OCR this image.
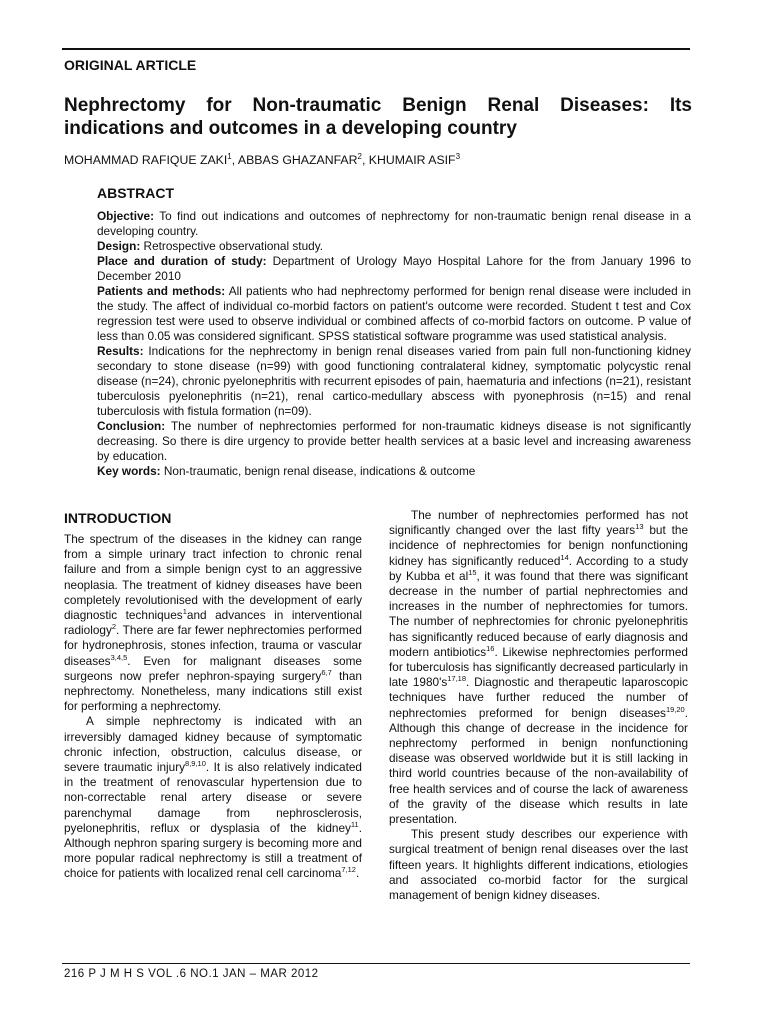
ORIGINAL ARTICLE
Nephrectomy for Non-traumatic Benign Renal Diseases: Its indications and outcomes in a developing country

MOHAMMAD RAFIQUE ZAKI$^1$, ABBAS GHAZANFAR$^2$, KHUMAIR ASIF$^3$

ABSTRACT

Objective: To find out indications and outcomes of nephrectomy for non-traumatic benign renal disease in a developing country.

Design: Retrospective observational study.

Place and duration of study: Department of Urology Mayo Hospital Lahore for the from January 1996 to December 2010

Patients and methods: All patients who had nephrectomy performed for benign renal disease were included in the study. The affect of individual co-morbid factors on patient's outcome were recorded. Student t test and Cox regression test were used to observe individual or combined affects of co-morbid factors on outcome. P value of less than 0.05 was considered significant. SPSS statistical software programme was used statistical analysis.

Results: Indications for the nephrectomy in benign renal diseases varied from pain full non-functioning kidney secondary to stone disease (n=99) with good functioning contralateral kidney, symptomatic polycystic renal disease (n=24), chronic pyelonephritis with recurrent episodes of pain, haematuria and infections (n=21), resistant tuberculosis pyelonephritis (n=21), renal cartico-medullary abscess with pyonephrosis (n=15) and renal tuberculosis with fistula formation (n=09).

Conclusion: The number of nephrectomies performed for non-traumatic kidneys disease is not significantly decreasing. So there is dire urgency to provide better health services at a basic level and increasing awareness by education.

Key words: Non-traumatic, benign renal disease, indications & outcome

INTRODUCTION

The spectrum of the diseases in the kidney can range from a simple urinary tract infection to chronic renal failure and from a simple benign cyst to an aggressive neoplasia. The treatment of kidney diseases have been completely revolutionised with the development of early diagnostic techniques$^1$and advances in interventional radiology$^2$. There are far fewer nephrectomies performed for hydronephrosis, stones infection, trauma or vascular diseases$^{3,4,5}$. Even for malignant diseases some surgeons now prefer nephron-spaying surgery$^{6,7}$ than nephrectomy. Nonetheless, many indications still exist for performing a nephrectomy.

A simple nephrectomy is indicated with an irreversibly damaged kidney because of symptomatic chronic infection, obstruction, calculus disease, or severe traumatic injury$^{8,9,10}$. It is also relatively indicated in the treatment of renovascular hypertension due to non-correctable renal artery disease or severe parenchymal damage from nephrosclerosis, pyelonephritis, reflux or dysplasia of the kidney$^{11}$. Although nephron sparing surgery is becoming more and more popular radical nephrectomy is still a treatment of choice for patients with localized renal cell carcinoma$^{7,12}$.

The number of nephrectomies performed has not significantly changed over the last fifty years$^{13}$ but the incidence of nephrectomies for benign nonfunctioning kidney has significantly reduced$^{14}$. According to a study by Kubba et $al^{15}$, it was found that there was significant decrease in the number of partial nephrectomies and increases in the number of nephrectomies for tumors. The number of nephrectomies for chronic pyelonephritis has significantly reduced because of early diagnosis and modern antibiotics$^{16}$. Likewise nephrectomies performed for tuberculosis has significantly decreased particularly in late $1980's^{17,18}$. Diagnostic and therapeutic laparoscopic techniques have further reduced the number of nephrectomies preformed for benign diseases$^{19,20}$. Although this change of decrease in the incidence for nephrectomy performed in benign nonfunctioning disease was observed worldwide but it is still lacking in third world countries because of the non-availability of free health services and of course the lack of awareness of the gravity of the disease which results in late presentation.

This present study describes our experience with surgical treatment of benign renal diseases over the last fifteen years. It highlights different indications, etiologies and associated co-morbid factor for the surgical management of benign kidney diseases.

216 P J M H S VOL .6 NO.1 JAN – MAR 2012
